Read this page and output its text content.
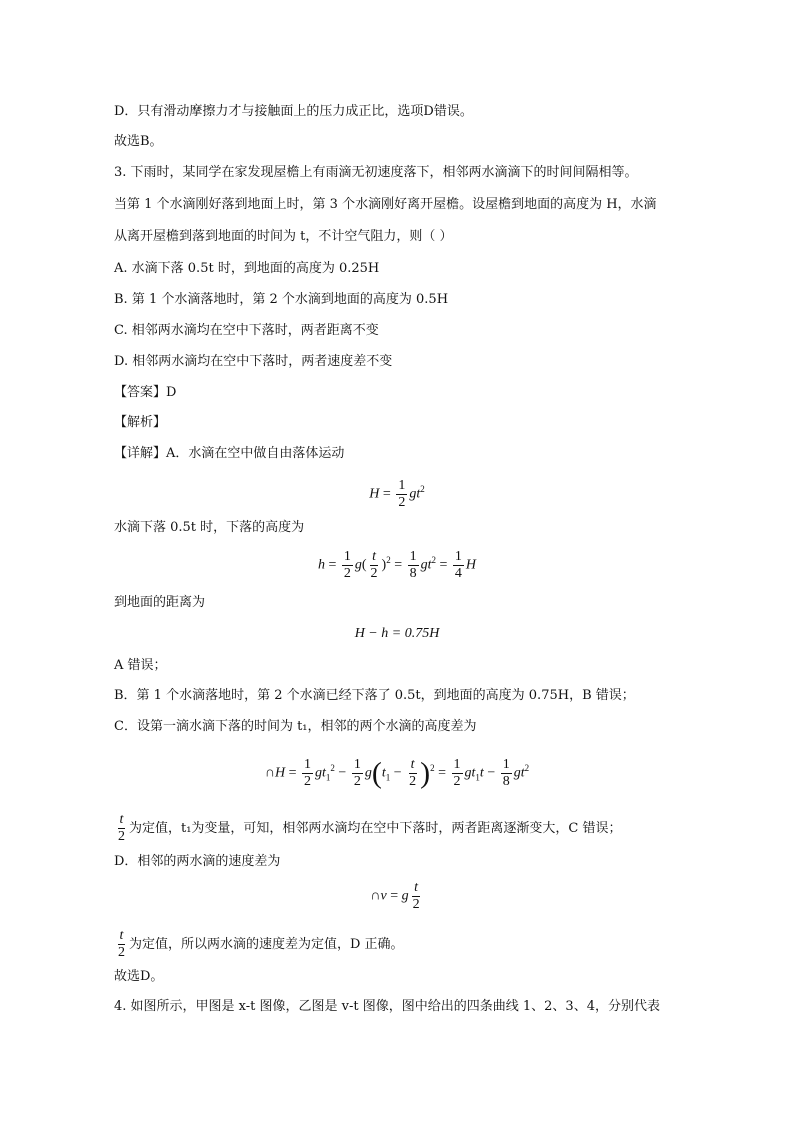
D．只有滑动摩擦力才与接触面上的压力成正比，选项D错误。
故选B。
3. 下雨时，某同学在家发现屋檐上有雨滴无初速度落下，相邻两水滴滴下的时间间隔相等。
当第 1 个水滴刚好落到地面上时，第 3 个水滴刚好离开屋檐。设屋檐到地面的高度为 H，水滴
从离开屋檐到落到地面的时间为 t，不计空气阻力，则（ ）
A. 水滴下落 0.5t 时，到地面的高度为 0.25H
B. 第 1 个水滴落地时，第 2 个水滴到地面的高度为 0.5H
C. 相邻两水滴均在空中下落时，两者距离不变
D. 相邻两水滴均在空中下落时，两者速度差不变
【答案】D
【解析】
【详解】A．水滴在空中做自由落体运动
$H = \frac{1}{2} gt^2$
水滴下落 0.5t 时，下落的高度为
$h = \frac{1}{2} g( \frac{t}{2} )^2 = \frac{1}{8} gt^2 = \frac{1}{4}$ H
到地面的距离为
H − h = 0.75H
A 错误；
B．第 1 个水滴落地时，第 2 个水滴已经下落了 0.5t，到地面的高度为 0.75H，B 错误；
C．设第一滴水滴下落的时间为 t₁，相邻的两个水滴的高度差为
∩H = $\frac{1}{2} gt_1^2 - \frac{1}{2} g(t_1 - \frac{t}{2} )^2 = \frac{1}{2} gt_1t - \frac{1}{8} gt^2$
$\frac{t}{2}$ 为定值，t₁为变量，可知，相邻两水滴均在空中下落时，两者距离逐渐变大，C 错误；
D．相邻的两水滴的速度差为
∩v = g $\frac{t}{2}$
$\frac{t}{2}$ 为定值，所以两水滴的速度差为定值，D 正确。
故选D。
4. 如图所示，甲图是 x-t 图像，乙图是 v-t 图像，图中给出的四条曲线 1、2、3、4，分别代表
